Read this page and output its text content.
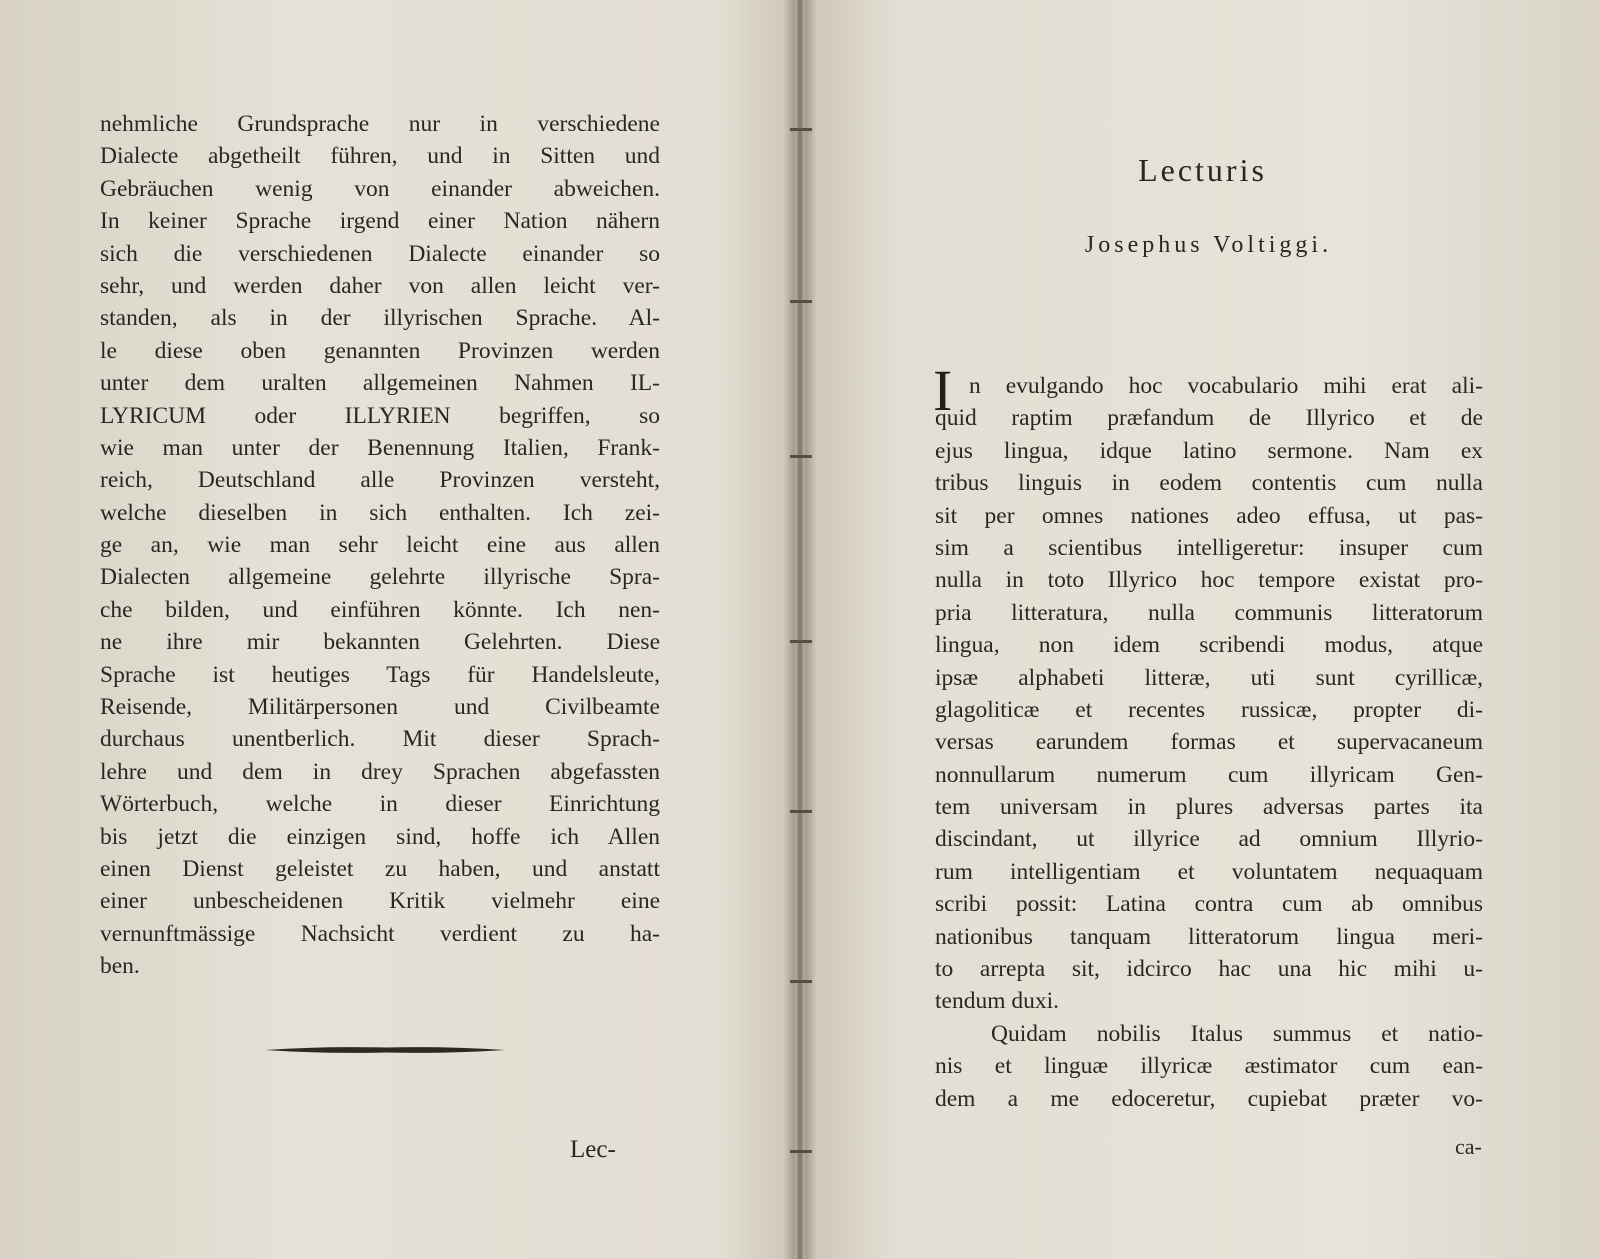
nehmliche Grundsprache nur in verschiedene
Dialecte abgetheilt führen, und in Sitten und
Gebräuchen wenig von einander abweichen.
In keiner Sprache irgend einer Nation nähern
sich die verschiedenen Dialecte einander so
sehr, und werden daher von allen leicht ver-
standen, als in der illyrischen Sprache. Al-
le diese oben genannten Provinzen werden
unter dem uralten allgemeinen Nahmen IL-
LYRICUM oder ILLYRIEN begriffen, so
wie man unter der Benennung Italien, Frank-
reich, Deutschland alle Provinzen versteht,
welche dieselben in sich enthalten. Ich zei-
ge an, wie man sehr leicht eine aus allen
Dialecten allgemeine gelehrte illyrische Spra-
che bilden, und einführen könnte. Ich nen-
ne ihre mir bekannten Gelehrten. Diese
Sprache ist heutiges Tags für Handelsleute,
Reisende, Militärpersonen und Civilbeamte
durchaus unentberlich. Mit dieser Sprach-
lehre und dem in drey Sprachen abgefassten
Wörterbuch, welche in dieser Einrichtung
bis jetzt die einzigen sind, hoffe ich Allen
einen Dienst geleistet zu haben, und anstatt
einer unbescheidenen Kritik vielmehr eine
vernunftmässige Nachsicht verdient zu ha-
ben.
Lec-
Lecturis
Josephus Voltiggi.
I n evulgando hoc vocabulario mihi erat ali-
quid raptim præfandum de Illyrico et de
ejus lingua, idque latino sermone. Nam ex
tribus linguis in eodem contentis cum nulla
sit per omnes nationes adeo effusa, ut pas-
sim a scientibus intelligeretur: insuper cum
nulla in toto Illyrico hoc tempore existat pro-
pria litteratura, nulla communis litteratorum
lingua, non idem scribendi modus, atque
ipsæ alphabeti litteræ, uti sunt cyrillicæ,
glagoliticæ et recentes russicæ, propter di-
versas earundem formas et supervacaneum
nonnullarum numerum cum illyricam Gen-
tem universam in plures adversas partes ita
discindant, ut illyrice ad omnium Illyrio-
rum intelligentiam et voluntatem nequaquam
scribi possit: Latina contra cum ab omnibus
nationibus tanquam litteratorum lingua meri-
to arrepta sit, idcirco hac una hic mihi u-
tendum duxi.
Quidam nobilis Italus summus et natio-
nis et linguæ illyricæ æstimator cum ean-
dem a me edoceretur, cupiebat præter vo-
ca-
